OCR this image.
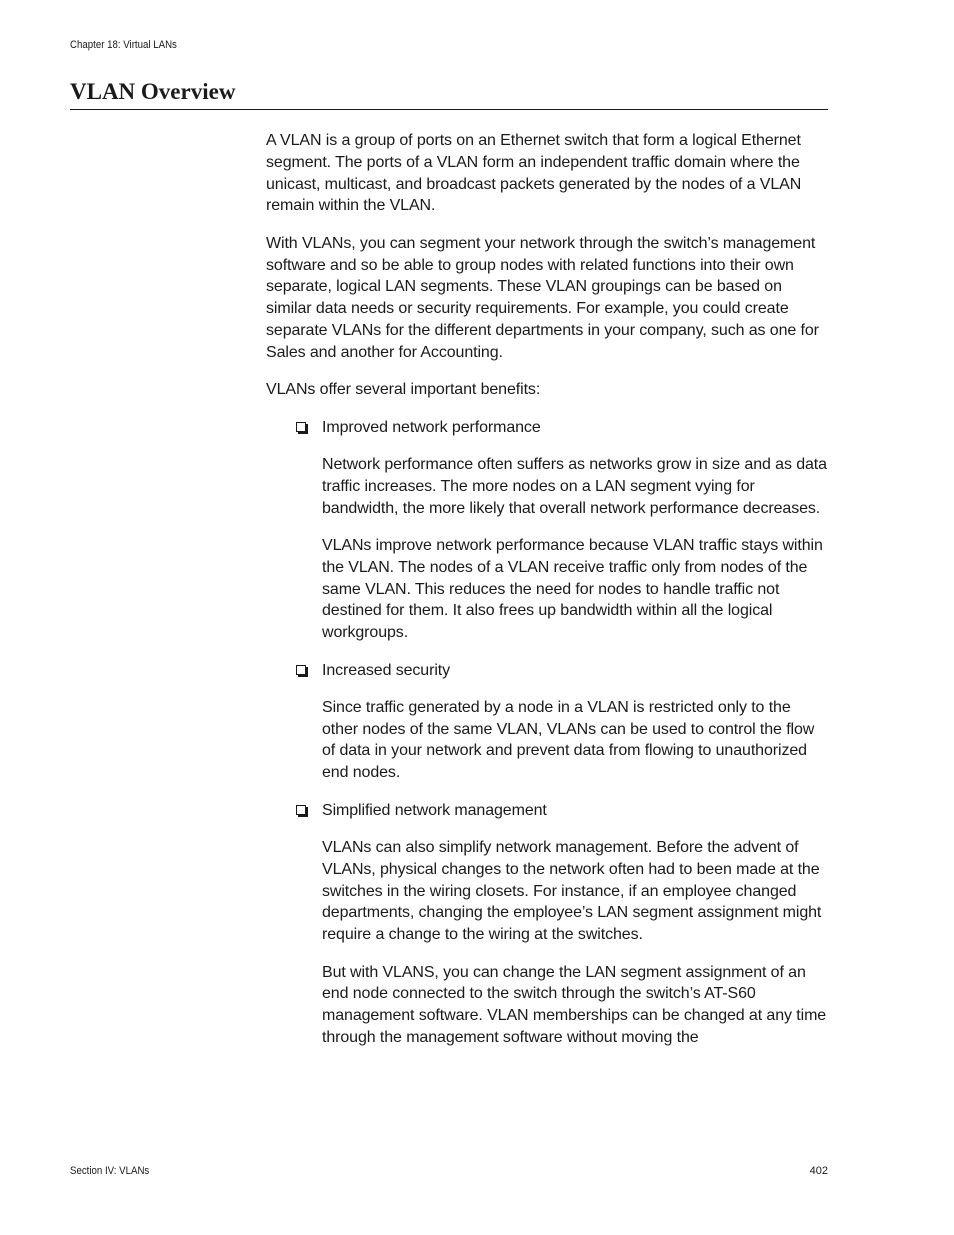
Chapter 18: Virtual LANs
VLAN Overview

A VLAN is a group of ports on an Ethernet switch that form a logical Ethernet segment. The ports of a VLAN form an independent traffic domain where the unicast, multicast, and broadcast packets generated by the nodes of a VLAN remain within the VLAN.

With VLANs, you can segment your network through the switch’s management software and so be able to group nodes with related functions into their own separate, logical LAN segments. These VLAN groupings can be based on similar data needs or security requirements. For example, you could create separate VLANs for the different departments in your company, such as one for Sales and another for Accounting.

VLANs offer several important benefits:

Improved network performance

Network performance often suffers as networks grow in size and as data traffic increases. The more nodes on a LAN segment vying for bandwidth, the more likely that overall network performance decreases.

VLANs improve network performance because VLAN traffic stays within the VLAN. The nodes of a VLAN receive traffic only from nodes of the same VLAN. This reduces the need for nodes to handle traffic not destined for them. It also frees up bandwidth within all the logical workgroups.

Increased security

Since traffic generated by a node in a VLAN is restricted only to the other nodes of the same VLAN, VLANs can be used to control the flow of data in your network and prevent data from flowing to unauthorized end nodes.

Simplified network management

VLANs can also simplify network management. Before the advent of VLANs, physical changes to the network often had to been made at the switches in the wiring closets. For instance, if an employee changed departments, changing the employee’s LAN segment assignment might require a change to the wiring at the switches.

But with VLANS, you can change the LAN segment assignment of an end node connected to the switch through the switch’s AT-S60 management software. VLAN memberships can be changed at any time through the management software without moving the

Section IV: VLANs	402
